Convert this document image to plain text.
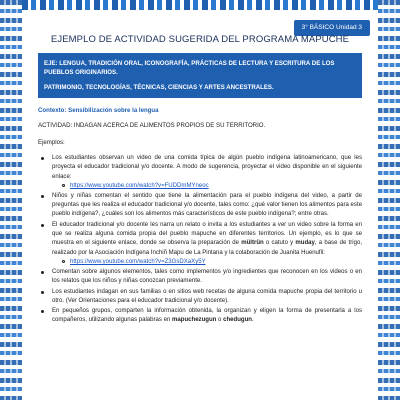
3° BÁSICO Unidad 3
EJEMPLO DE ACTIVIDAD SUGERIDA DEL PROGRAMA MAPUCHE

EJE: LENGUA, TRADICIÓN ORAL, ICONOGRAFÍA, PRÁCTICAS DE LECTURA Y ESCRITURA DE LOS PUEBLOS ORIGINARIOS.

PATRIMONIO, TECNOLOGÍAS, TÉCNICAS, CIENCIAS Y ARTES ANCESTRALES.

Contexto: Sensibilización sobre la lengua
ACTIVIDAD: INDAGAN ACERCA DE ALIMENTOS PROPIOS DE SU TERRITORIO.
Ejemplos:
Los estudiantes observan un video de una comida típica de algún pueblo indígena latinoamericano, que les proyecta el educador tradicional y/o docente. A modo de sugerencia, proyectar el video disponible en el siguiente enlace:
https://www.youtube.com/watch?v=FUDDmMYneoc
Niños y niñas comentan el sentido que tiene la alimentación para el pueblo indígena del video, a partir de preguntas que les realiza el educador tradicional y/o docente, tales como: ¿qué valor tienen los alimentos para este pueblo indígena?, ¿cuáles son los alimentos más característicos de este pueblo indígena?; entre otras.
El educador tradicional y/o docente les narra un relato o invita a los estudiantes a ver un video sobre la forma en que se realiza alguna comida propia del pueblo mapuche en diferentes territorios. Un ejemplo, es lo que se muestra en el siguiente enlace, donde se observa la preparación de mültrün o catuto y muday, a base de trigo, realizado por la Asociación Indígena Inchiñ Mapu de La Pintana y la colaboración de Juanita Huenufil:
https://www.youtube.com/watch?v=Z3GsDXaXy5Y
Comentan sobre algunos elementos, tales como implementos y/o ingredientes que reconocen en los videos o en los relatos que los niños y niñas conozcan previamente.
Los estudiantes indagan en sus familias o en sitios web recetas de alguna comida mapuche propia del territorio u otro. (Ver Orientaciones para el educador tradicional y/o docente).
En pequeños grupos, comparten la información obtenida, la organizan y eligen la forma de presentarla a los compañeros, utilizando algunas palabras en mapuchezugun o chedugun.
